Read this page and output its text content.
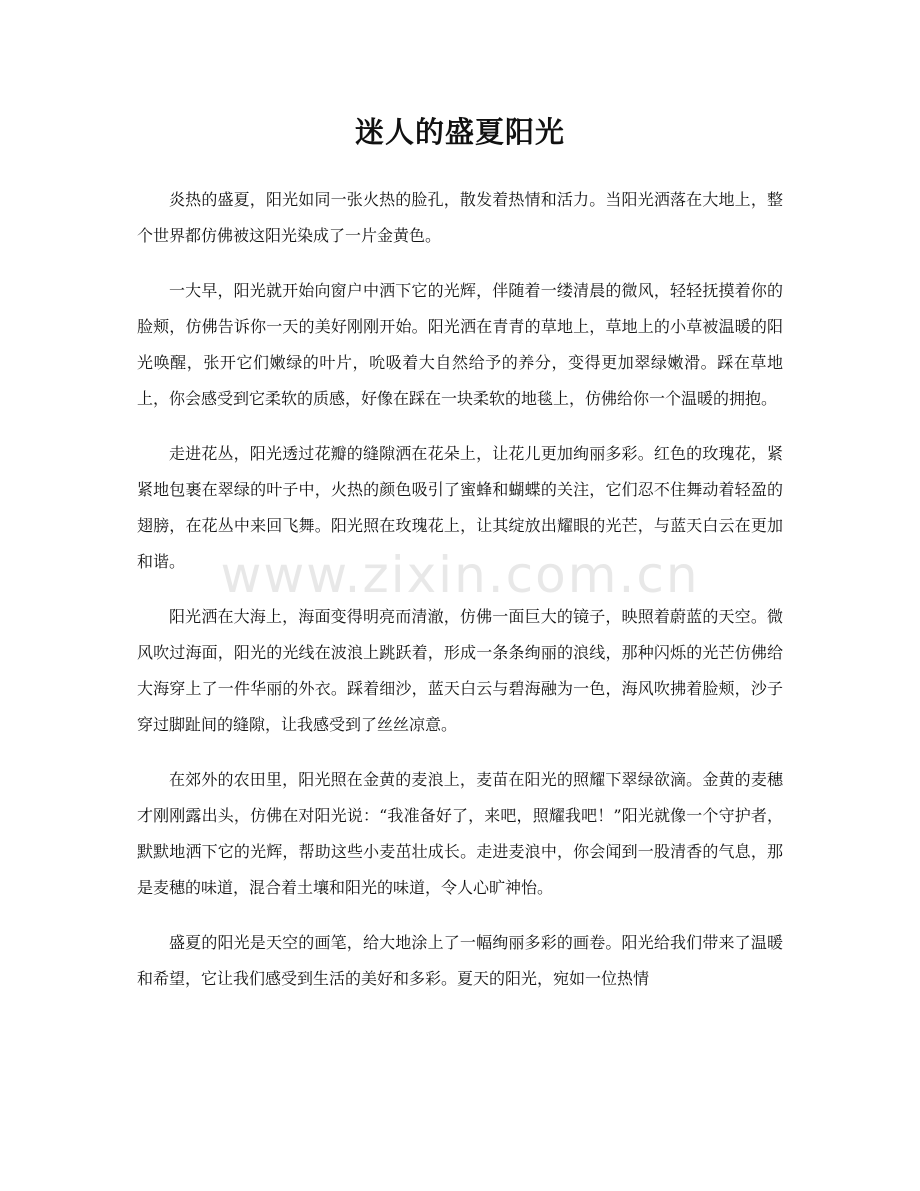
迷人的盛夏阳光

炎热的盛夏，阳光如同一张火热的脸孔，散发着热情和活力。当阳光洒落在大地上，整个世界都仿佛被这阳光染成了一片金黄色。

一大早，阳光就开始向窗户中洒下它的光辉，伴随着一缕清晨的微风，轻轻抚摸着你的脸颊，仿佛告诉你一天的美好刚刚开始。阳光洒在青青的草地上，草地上的小草被温暖的阳光唤醒，张开它们嫩绿的叶片，吮吸着大自然给予的养分，变得更加翠绿嫩滑。踩在草地上，你会感受到它柔软的质感，好像在踩在一块柔软的地毯上，仿佛给你一个温暖的拥抱。

走进花丛，阳光透过花瓣的缝隙洒在花朵上，让花儿更加绚丽多彩。红色的玫瑰花，紧紧地包裹在翠绿的叶子中，火热的颜色吸引了蜜蜂和蝴蝶的关注，它们忍不住舞动着轻盈的翅膀，在花丛中来回飞舞。阳光照在玫瑰花上，让其绽放出耀眼的光芒，与蓝天白云在更加和谐。

阳光洒在大海上，海面变得明亮而清澈，仿佛一面巨大的镜子，映照着蔚蓝的天空。微风吹过海面，阳光的光线在波浪上跳跃着，形成一条条绚丽的浪线，那种闪烁的光芒仿佛给大海穿上了一件华丽的外衣。踩着细沙，蓝天白云与碧海融为一色，海风吹拂着脸颊，沙子穿过脚趾间的缝隙，让我感受到了丝丝凉意。

在郊外的农田里，阳光照在金黄的麦浪上，麦苗在阳光的照耀下翠绿欲滴。金黄的麦穗才刚刚露出头，仿佛在对阳光说：“我准备好了，来吧，照耀我吧！”阳光就像一个守护者，默默地洒下它的光辉，帮助这些小麦茁壮成长。走进麦浪中，你会闻到一股清香的气息，那是麦穗的味道，混合着土壤和阳光的味道，令人心旷神怡。

盛夏的阳光是天空的画笔，给大地涂上了一幅绚丽多彩的画卷。阳光给我们带来了温暖和希望，它让我们感受到生活的美好和多彩。夏天的阳光，宛如一位热情

www.zixin.com.cn
